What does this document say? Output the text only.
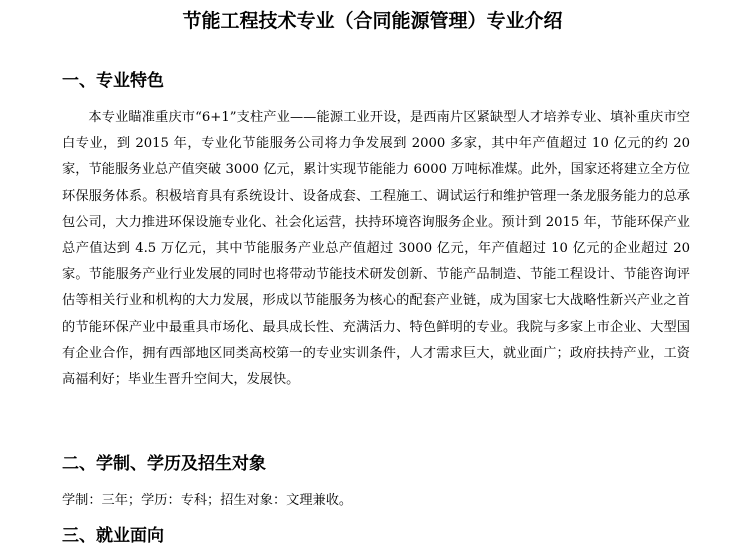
节能工程技术专业（合同能源管理）专业介绍
一、专业特色

本专业瞄准重庆市“6+1”支柱产业——能源工业开设，是西南片区紧缺型人才培养专业、填补重庆市空白专业，到 2015 年，专业化节能服务公司将力争发展到 2000 多家，其中年产值超过 10 亿元的约 20 家，节能服务业总产值突破 3000 亿元，累计实现节能能力 6000 万吨标准煤。此外，国家还将建立全方位环保服务体系。积极培育具有系统设计、设备成套、工程施工、调试运行和维护管理一条龙服务能力的总承包公司，大力推进环保设施专业化、社会化运营，扶持环境咨询服务企业。预计到 2015 年，节能环保产业总产值达到 4.5 万亿元，其中节能服务产业总产值超过 3000 亿元，年产值超过 10 亿元的企业超过 20 家。节能服务产业行业发展的同时也将带动节能技术研发创新、节能产品制造、节能工程设计、节能咨询评估等相关行业和机构的大力发展，形成以节能服务为核心的配套产业链，成为国家七大战略性新兴产业之首的节能环保产业中最重具市场化、最具成长性、充满活力、特色鲜明的专业。我院与多家上市企业、大型国有企业合作，拥有西部地区同类高校第一的专业实训条件，人才需求巨大，就业面广；政府扶持产业，工资高福利好；毕业生晋升空间大，发展快。

二、学制、学历及招生对象

学制：三年；学历：专科；招生对象：文理兼收。

三、就业面向
